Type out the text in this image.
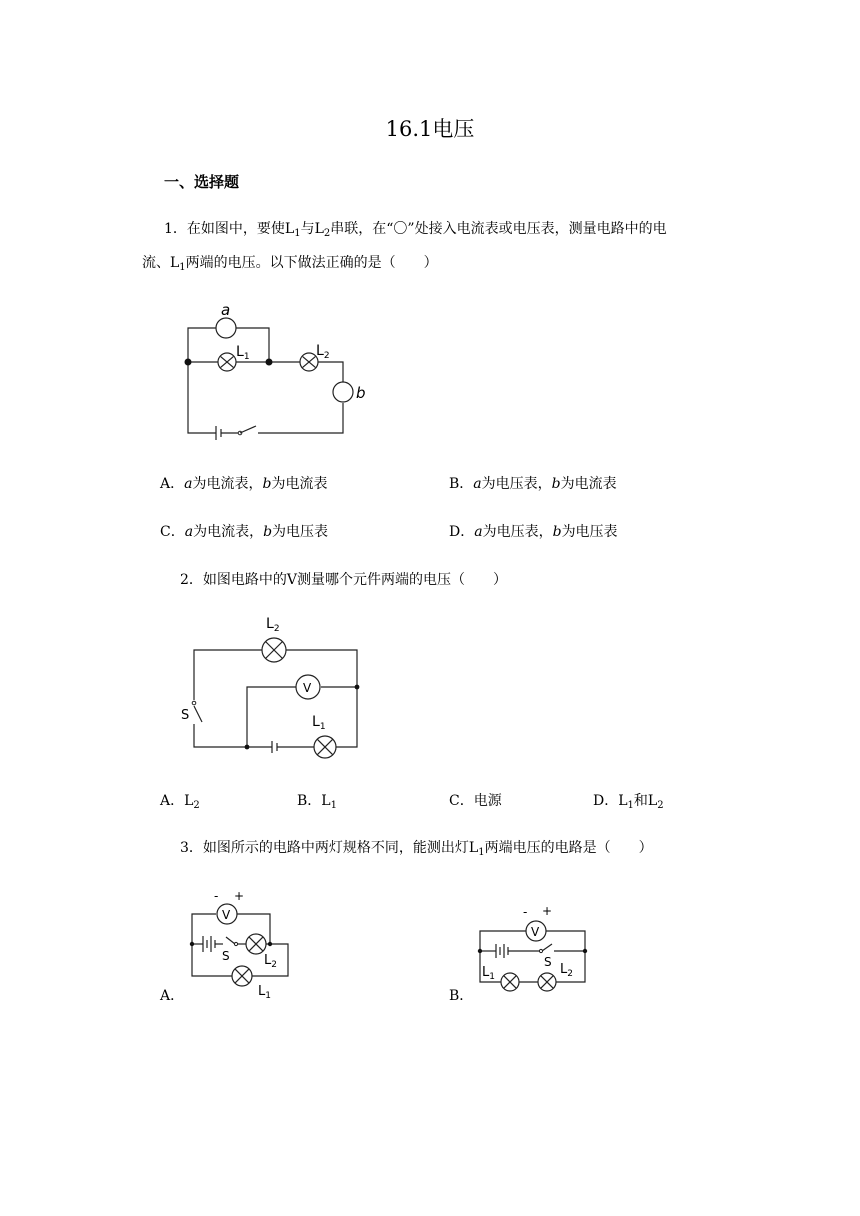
16.1电压
一、选择题
1．在如图中，要使$L_1$与$L_2$串联，在“〇”处接入电流表或电压表，测量电路中的电
流、$L_1$两端的电压。以下做法正确的是（　　）
a
$L_1$	$L_2$
b
A．a为电流表，b为电流表	B．a为电压表，b为电流表
C．a为电流表，b为电压表	D．a为电压表，b为电压表
2．如图电路中的V测量哪个元件两端的电压（　　）
$L_2$
V
S	$L_1$
A．$L_2$	B．$L_1$	C．电源	D．$L_1$和$L_2$
3．如图所示的电路中两灯规格不同，能测出灯$L_1$两端电压的电路是（　　）
A．
- +
V
S	$L_2$
$L_1$	B．
- +
V
S
$L_1$	$L_2$
